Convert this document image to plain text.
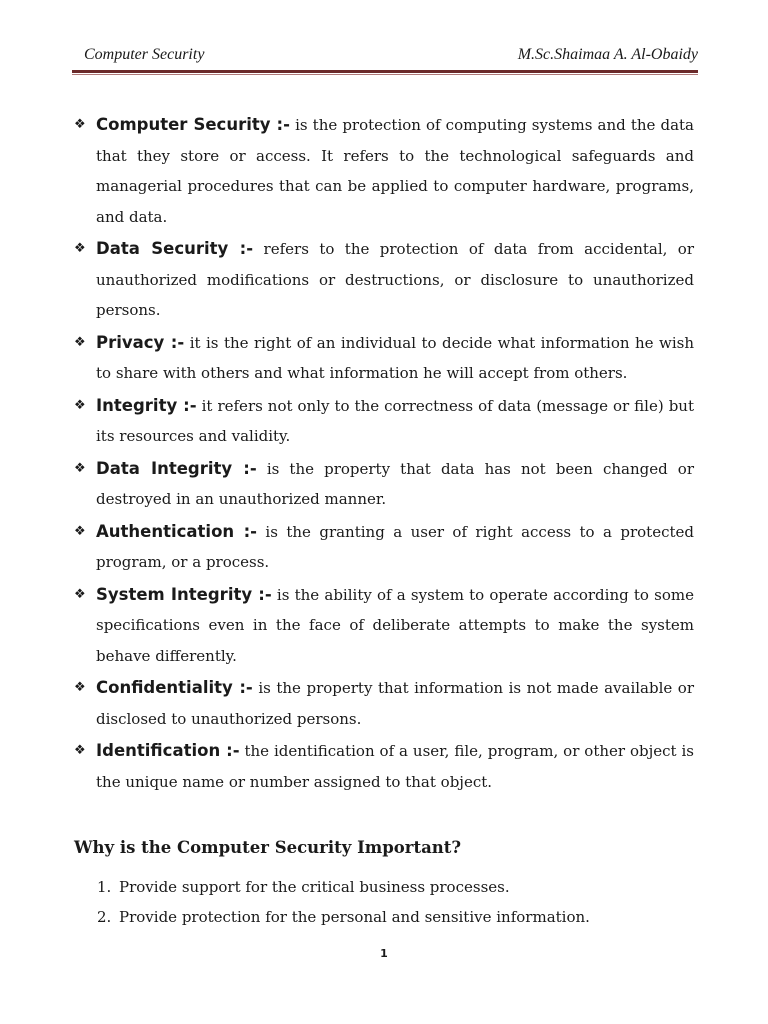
Computer Security	M.Sc.Shaimaa A. Al-Obaidy
❖ Computer Security :- is the protection of computing systems and the data that they store or access. It refers to the technological safeguards and managerial procedures that can be applied to computer hardware, programs, and data.
❖ Data Security :- refers to the protection of data from accidental, or unauthorized modifications or destructions, or disclosure to unauthorized persons.
❖ Privacy :- it is the right of an individual to decide what information he wish to share with others and what information he will accept from others.
❖ Integrity :- it refers not only to the correctness of data (message or file) but its resources and validity.
❖ Data Integrity :- is the property that data has not been changed or destroyed in an unauthorized manner.
❖ Authentication :- is the granting a user of right access to a protected program, or a process.
❖ System Integrity :- is the ability of a system to operate according to some specifications even in the face of deliberate attempts to make the system behave differently.
❖ Confidentiality :- is the property that information is not made available or disclosed to unauthorized persons.
❖ Identification :- the identification of a user, file, program, or other object is the unique name or number assigned to that object.
Why is the Computer Security Important?
1. Provide support for the critical business processes.
2. Provide protection for the personal and sensitive information.
1
